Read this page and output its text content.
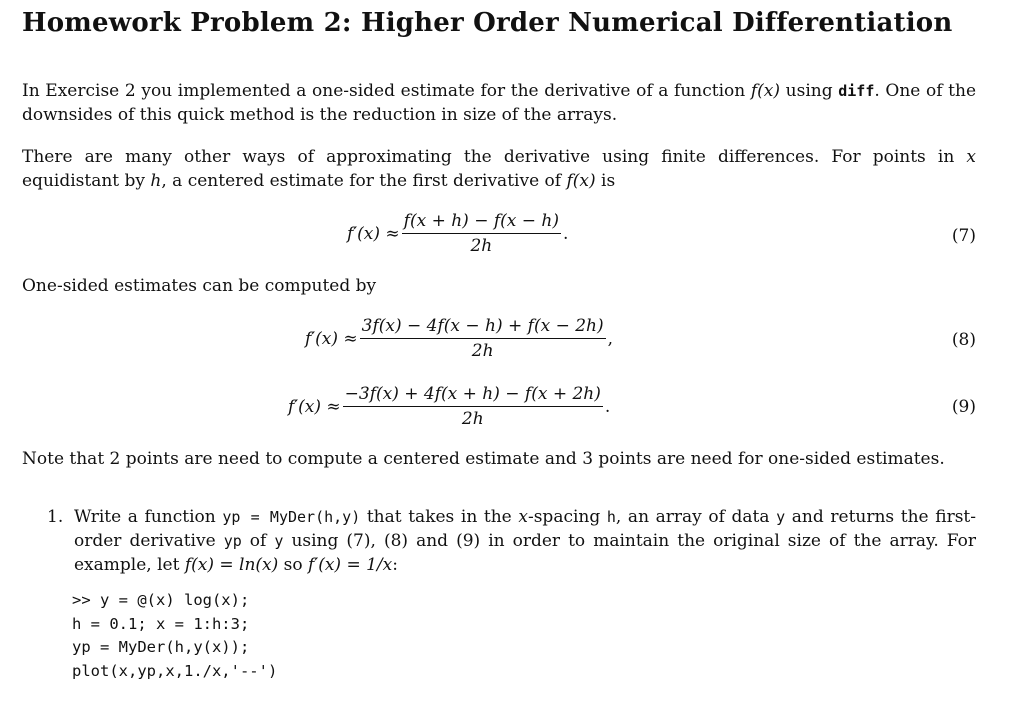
Homework Problem 2: Higher Order Numerical Differentiation

In Exercise 2 you implemented a one-sided estimate for the derivative of a function f(x) using diff. One of the downsides of this quick method is the reduction in size of the arrays.

There are many other ways of approximating the derivative using finite differences. For points in x equidistant by h, a centered estimate for the first derivative of f(x) is

$f'(x) \approx \frac{f(x + h) - f(x - h)}{2h}$ .	(7)

One-sided estimates can be computed by

$f'(x) \approx \frac{3f(x) - 4f(x - h) + f(x - 2h)}{2h}$ ,	(8)
$f'(x) \approx \frac{-3f(x) + 4f(x + h) - f(x + 2h)}{2h}$ .	(9)

Note that 2 points are need to compute a centered estimate and 3 points are need for one-sided estimates.

1. Write a function yp = MyDer(h,y) that takes in the x-spacing h, an array of data y and returns the first-order derivative yp of y using (7), (8) and (9) in order to maintain the original size of the array. For example, let f(x) = ln(x) so f′(x) = 1/x:
>> y = @(x) log(x);
h = 0.1; x = 1:h:3;
yp = MyDer(h,y(x));
plot(x,yp,x,1./x,'--')
